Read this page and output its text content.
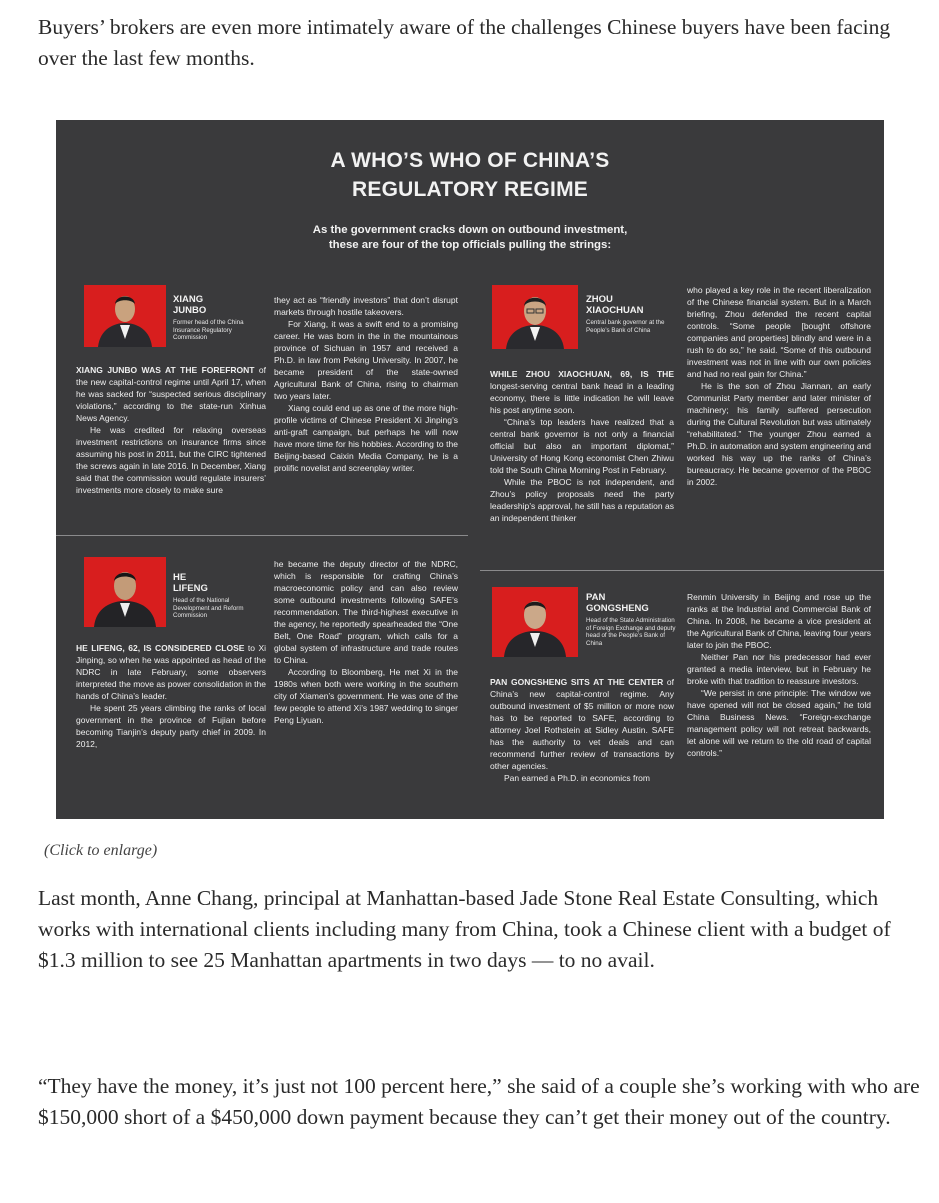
Buyers’ brokers are even more intimately aware of the challenges Chinese buyers have been facing over the last few months.

A WHO’S WHO OF CHINA’S
REGULATORY REGIME
As the government cracks down on outbound investment,
these are four of the top officials pulling the strings:
XIANG
JUNBO
Former head of the China Insurance Regulatory Commission

XIANG JUNBO WAS AT THE FOREFRONT of the new capital-control regime until April 17, when he was sacked for “suspected serious disciplinary violations,” according to the state-run Xinhua News Agency.

He was credited for relaxing overseas investment restrictions on insurance firms since assuming his post in 2011, but the CIRC tightened the screws again in late 2016. In December, Xiang said that the commission would regulate insurers’ investments more closely to make sure

they act as “friendly investors” that don’t disrupt markets through hostile takeovers.

For Xiang, it was a swift end to a promising career. He was born in the in the mountainous province of Sichuan in 1957 and received a Ph.D. in law from Peking University. In 2007, he became president of the state-owned Agricultural Bank of China, rising to chairman two years later.

Xiang could end up as one of the more high-profile victims of Chinese President Xi Jinping’s anti-graft campaign, but perhaps he will now have more time for his hobbies. According to the Beijing-based Caixin Media Company, he is a prolific novelist and screenplay writer.

ZHOU
XIAOCHUAN
Central bank governor at the People’s Bank of China

WHILE ZHOU XIAOCHUAN, 69, IS THE longest-serving central bank head in a leading economy, there is little indication he will leave his post anytime soon.

“China’s top leaders have realized that a central bank governor is not only a financial official but also an important diplomat,” University of Hong Kong economist Chen Zhiwu told the South China Morning Post in February.

While the PBOC is not independent, and Zhou’s policy proposals need the party leadership’s approval, he still has a reputation as an independent thinker

who played a key role in the recent liberalization of the Chinese financial system. But in a March briefing, Zhou defended the recent capital controls. “Some people [bought offshore companies and properties] blindly and were in a rush to do so,” he said. “Some of this outbound investment was not in line with our own policies and had no real gain for China.”

He is the son of Zhou Jiannan, an early Communist Party member and later minister of machinery; his family suffered persecution during the Cultural Revolution but was ultimately “rehabilitated.” The younger Zhou earned a Ph.D. in automation and system engineering and worked his way up the ranks of China’s bureaucracy. He became governor of the PBOC in 2002.

HE
LIFENG
Head of the National Development and Reform Commission

HE LIFENG, 62, IS CONSIDERED CLOSE to Xi Jinping, so when he was appointed as head of the NDRC in late February, some observers interpreted the move as power consolidation in the hands of China’s leader.

He spent 25 years climbing the ranks of local government in the province of Fujian before becoming Tianjin’s deputy party chief in 2009. In 2012,

he became the deputy director of the NDRC, which is responsible for crafting China’s macroeconomic policy and can also review some outbound investments following SAFE’s recommendation. The third-highest executive in the agency, he reportedly spearheaded the “One Belt, One Road” program, which calls for a global system of infrastructure and trade routes to China.

According to Bloomberg, He met Xi in the 1980s when both were working in the southern city of Xiamen’s government. He was one of the few people to attend Xi’s 1987 wedding to singer Peng Liyuan.

PAN
GONGSHENG
Head of the State Administration of Foreign Exchange and deputy head of the People’s Bank of China

PAN GONGSHENG SITS AT THE CENTER of China’s new capital-control regime. Any outbound investment of $5 million or more now has to be reported to SAFE, according to attorney Joel Rothstein at Sidley Austin. SAFE has the authority to vet deals and can recommend further review of transactions by other agencies.

Pan earned a Ph.D. in economics from

Renmin University in Beijing and rose up the ranks at the Industrial and Commercial Bank of China. In 2008, he became a vice president at the Agricultural Bank of China, leaving four years later to join the PBOC.

Neither Pan nor his predecessor had ever granted a media interview, but in February he broke with that tradition to reassure investors.

“We persist in one principle: The window we have opened will not be closed again,” he told China Business News. “Foreign-exchange management policy will not retreat backwards, let alone will we return to the old road of capital controls.”

(Click to enlarge)

Last month, Anne Chang, principal at Manhattan-based Jade Stone Real Estate Consulting, which works with international clients including many from China, took a Chinese client with a budget of $1.3 million to see 25 Manhattan apartments in two days — to no avail.

“They have the money, it’s just not 100 percent here,” she said of a couple she’s working with who are $150,000 short of a $450,000 down payment because they can’t get their money out of the country.
